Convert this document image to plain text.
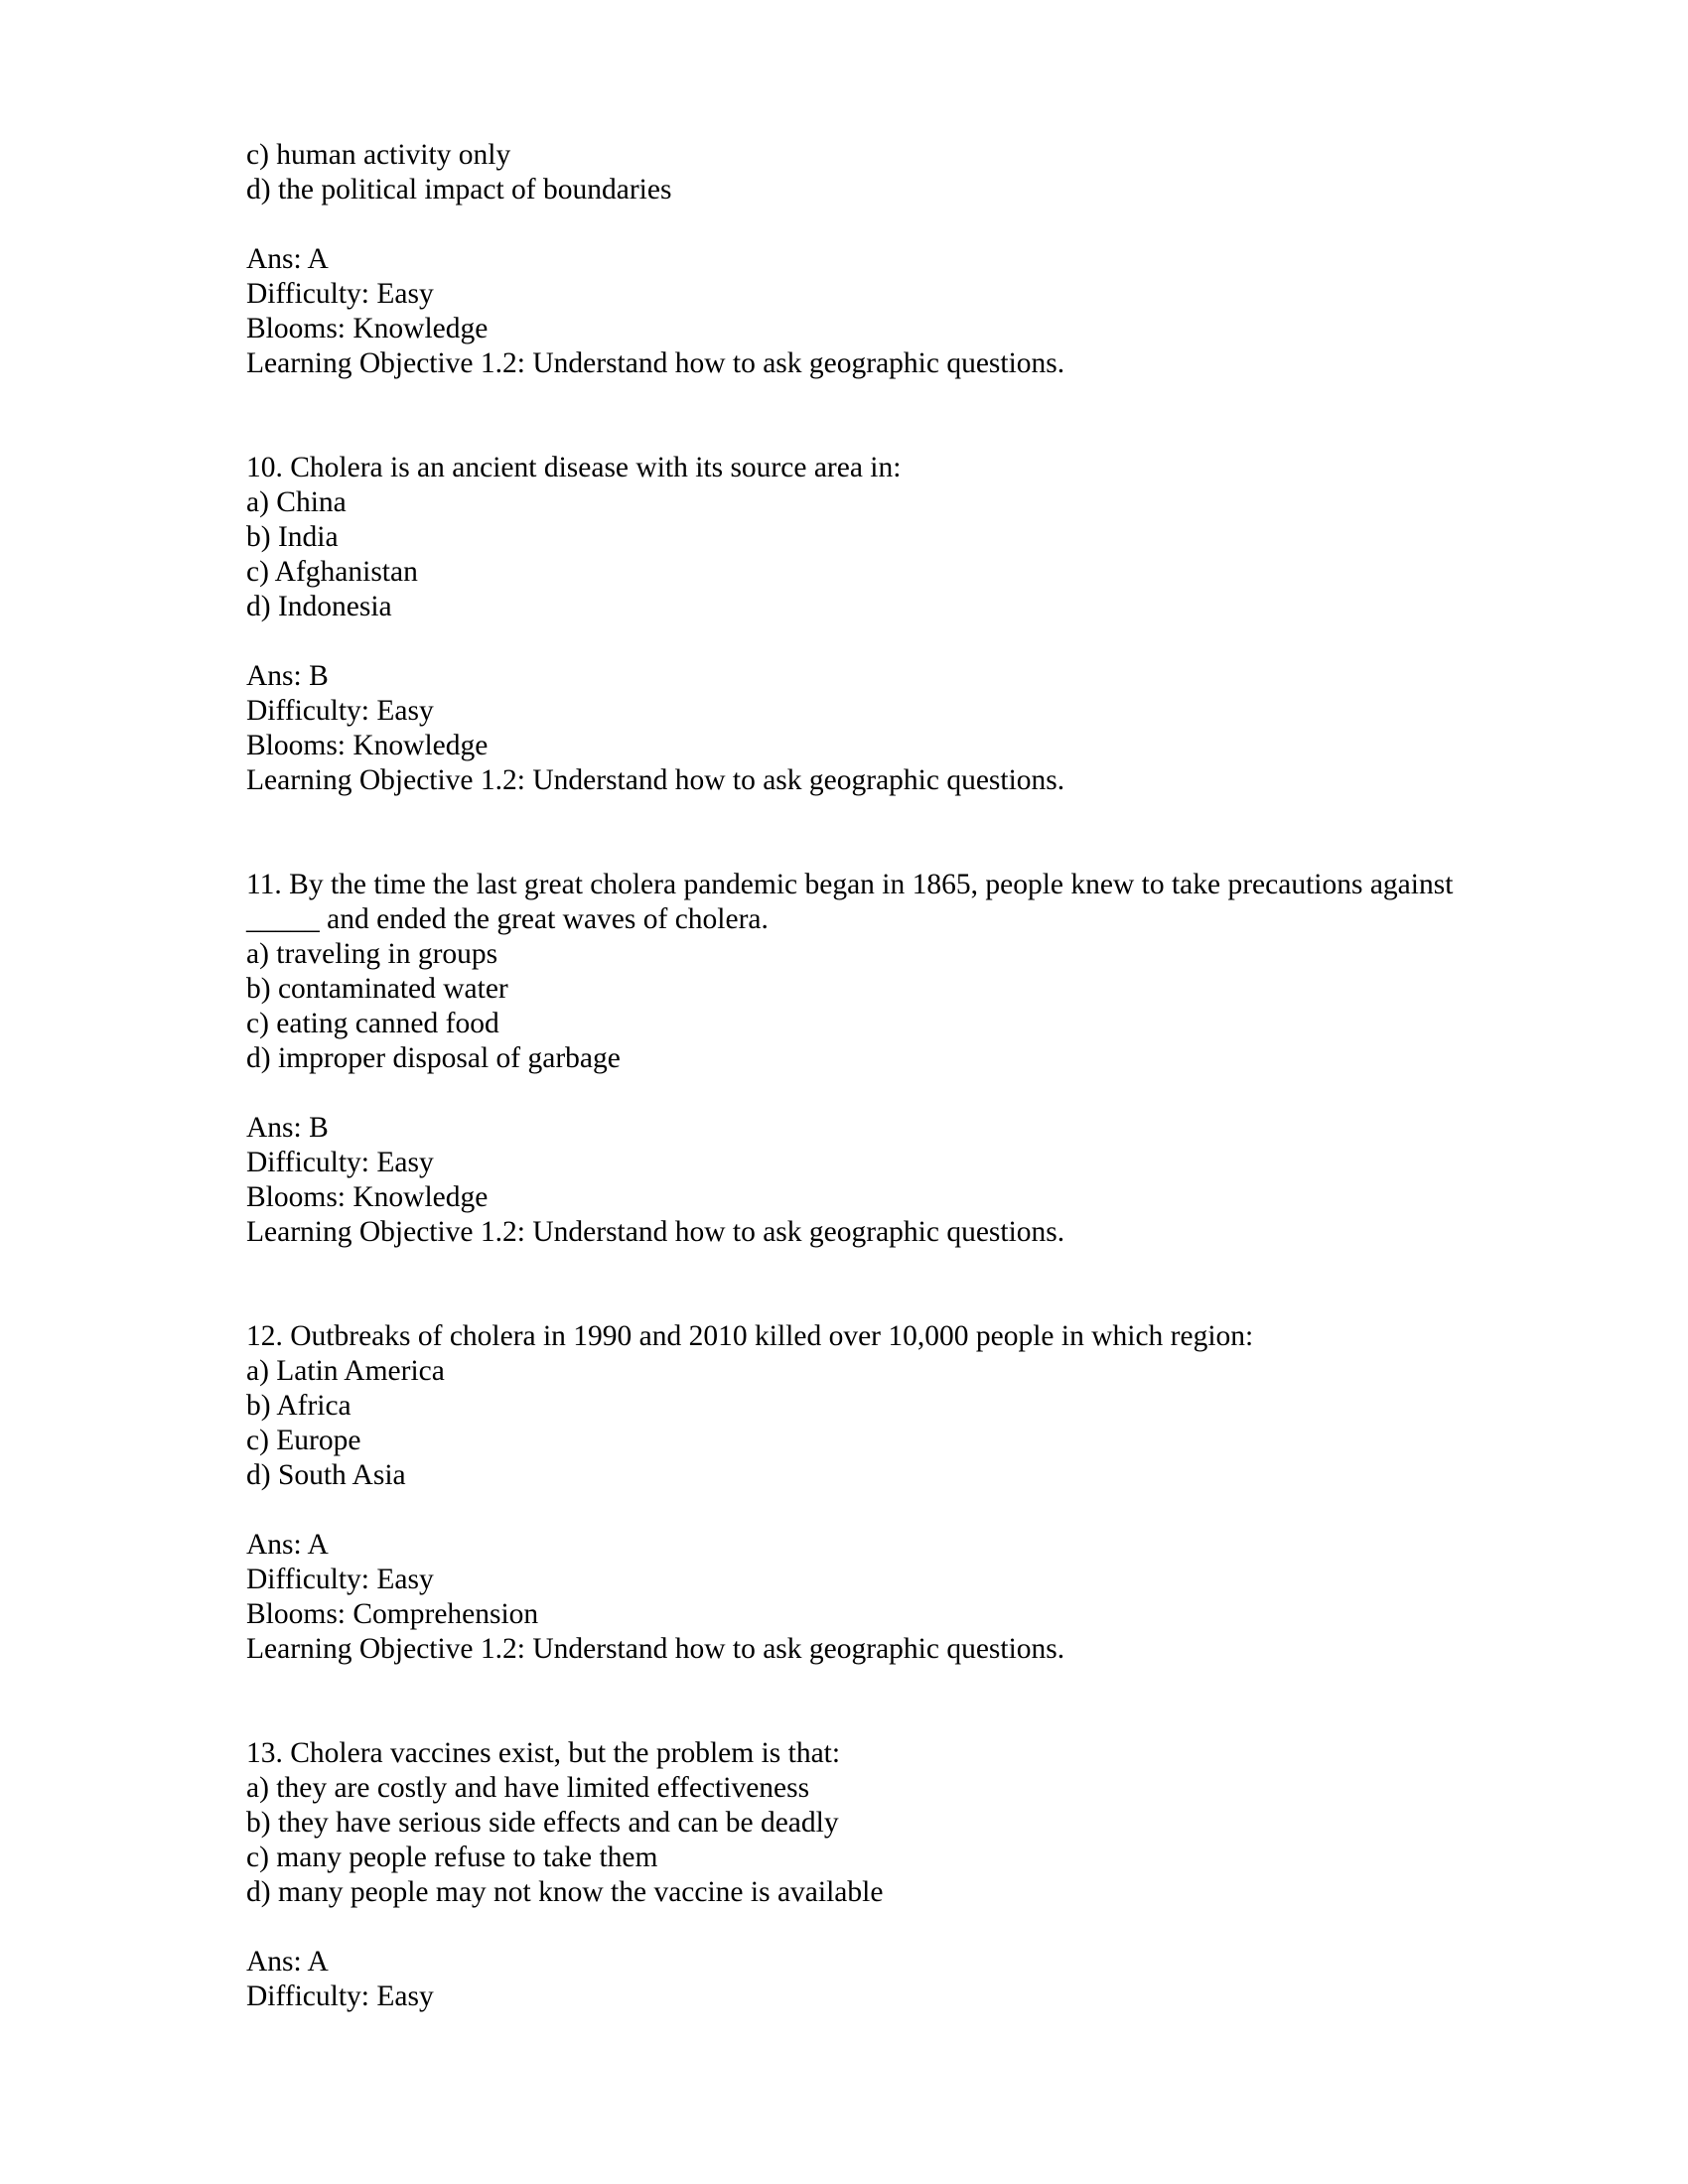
c) human activity only
d) the political impact of boundaries
Ans: A
Difficulty: Easy
Blooms: Knowledge
Learning Objective 1.2: Understand how to ask geographic questions.
10. Cholera is an ancient disease with its source area in:
a) China
b) India
c) Afghanistan
d) Indonesia
Ans: B
Difficulty: Easy
Blooms: Knowledge
Learning Objective 1.2: Understand how to ask geographic questions.
11. By the time the last great cholera pandemic began in 1865, people knew to take precautions against
_____ and ended the great waves of cholera.
a) traveling in groups
b) contaminated water
c) eating canned food
d) improper disposal of garbage
Ans: B
Difficulty: Easy
Blooms: Knowledge
Learning Objective 1.2: Understand how to ask geographic questions.
12. Outbreaks of cholera in 1990 and 2010 killed over 10,000 people in which region:
a) Latin America
b) Africa
c) Europe
d) South Asia
Ans: A
Difficulty: Easy
Blooms: Comprehension
Learning Objective 1.2: Understand how to ask geographic questions.
13. Cholera vaccines exist, but the problem is that:
a) they are costly and have limited effectiveness
b) they have serious side effects and can be deadly
c) many people refuse to take them
d) many people may not know the vaccine is available
Ans: A
Difficulty: Easy
